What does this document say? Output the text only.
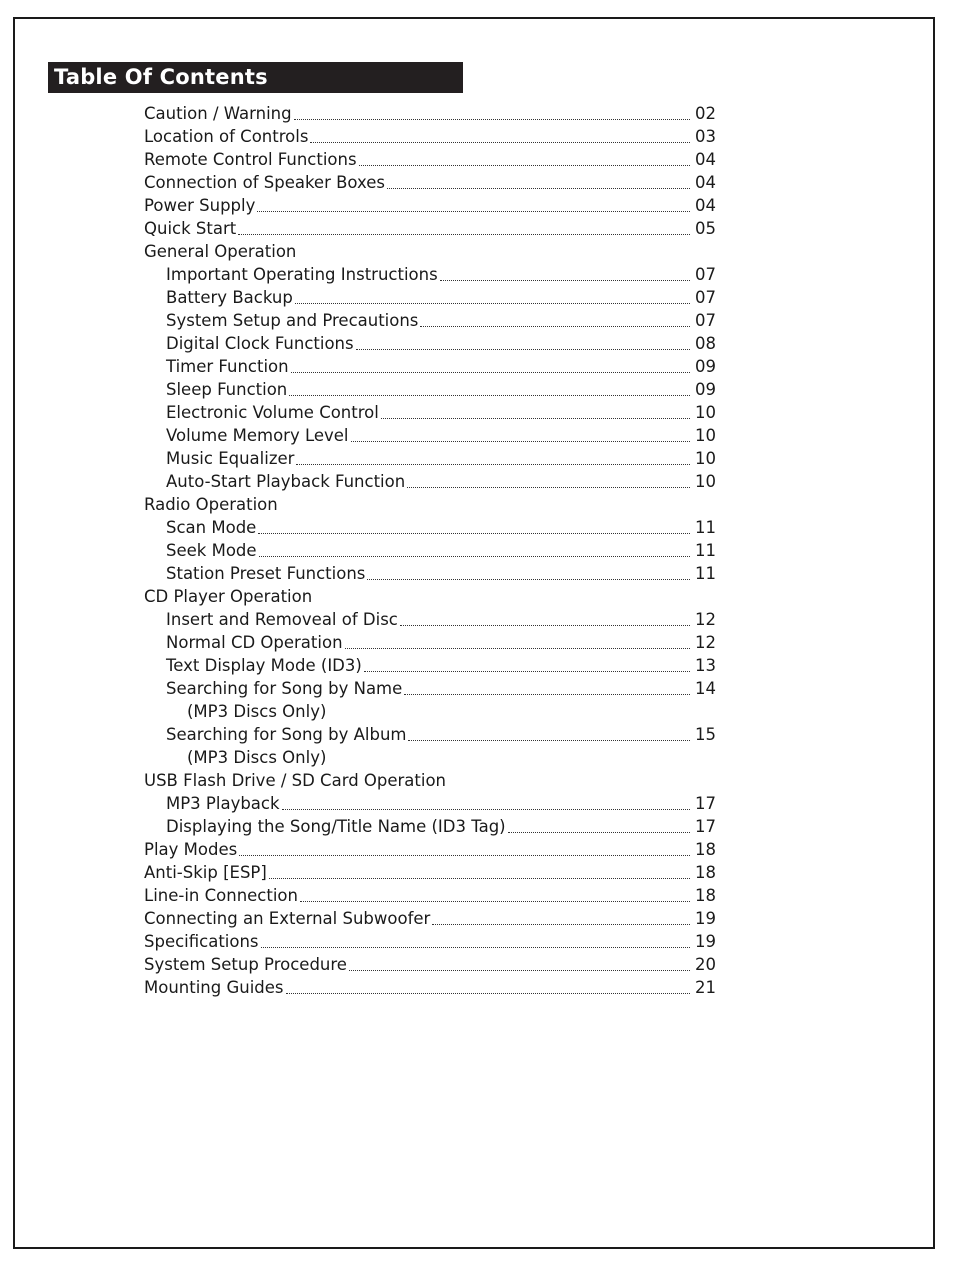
Table Of Contents
Caution / Warning	02
Location of Controls	03
Remote Control Functions	04
Connection of Speaker Boxes	04
Power Supply	04
Quick Start	05
General Operation
Important Operating Instructions	07
Battery Backup	07
System Setup and Precautions	07
Digital Clock Functions	08
Timer Function	09
Sleep Function	09
Electronic Volume Control	10
Volume Memory Level	10
Music Equalizer	10
Auto-Start Playback Function	10
Radio Operation
Scan Mode	11
Seek Mode	11
Station Preset Functions	11
CD Player Operation
Insert and Removeal of Disc	12
Normal CD Operation	12
Text Display Mode (ID3)	13
Searching for Song by Name	14
(MP3 Discs Only)
Searching for Song by Album	15
(MP3 Discs Only)
USB Flash Drive / SD Card Operation
MP3 Playback	17
Displaying the Song/Title Name (ID3 Tag)	17
Play Modes	18
Anti-Skip [ESP]	18
Line-in Connection	18
Connecting an External Subwoofer	19
Specifications	19
System Setup Procedure	20
Mounting Guides	21
